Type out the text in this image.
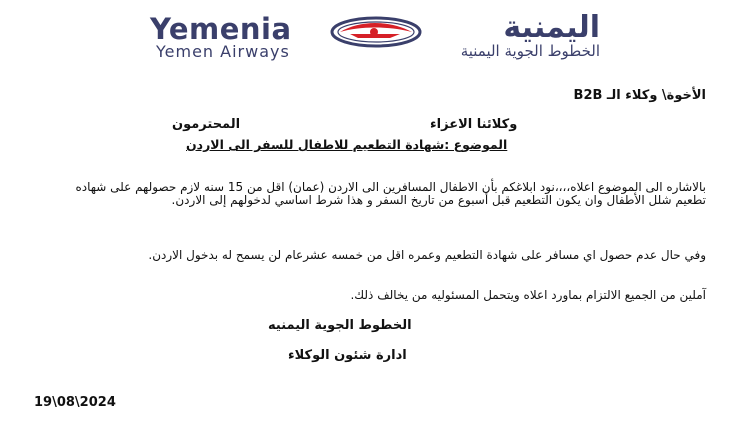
Yemenia
Yemen Airways
اليمنية
الخطوط الجوية اليمنية
الأخوة\ وكلاء الـ B2B
وكلائنا الاعزاء
المحترمون
الموضوع :شهادة التطعيم للاطفال للسفر الى الاردن
بالاشاره الى الموضوع اعلاه،،،،نود ابلاغكم بأن الاطفال المسافرين الى الاردن (عمان) اقل من 15 سنه لازم حصولهم على شهاده تطعيم شلل الأطفال وان يكون التطعيم قبل أسبوع من تاريخ السفر و هذا شرط اساسي لدخولهم إلى الاردن.
وفي حال عدم حصول اي مسافر على شهادة التطعيم وعمره اقل من خمسه عشرعام لن يسمح له بدخول الاردن.
آملين من الجميع الالتزام بماورد اعلاه ويتحمل المسئوليه من يخالف ذلك.
الخطوط الجوية اليمنيه
ادارة شئون الوكلاء
19\08\2024
